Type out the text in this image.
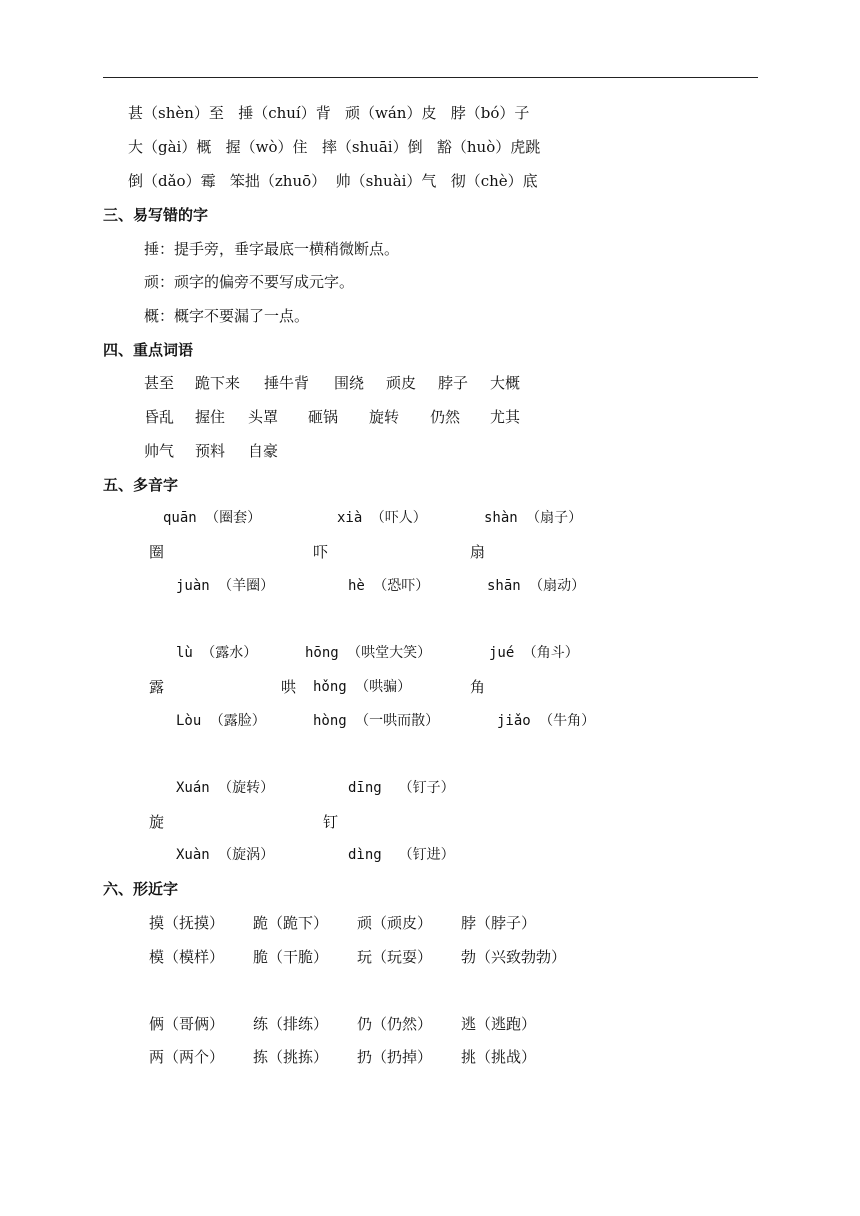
甚（shèn）至   捶（chuí）背   顽（wán）皮   脖（bó）子
大（gài）概   握（wò）住   摔（shuāi）倒   豁（huò）虎跳
倒（dǎo）霉   笨拙（zhuō）  帅（shuài）气   彻（chè）底
三、易写错的字
捶：提手旁，垂字最底一横稍微断点。
顽：顽字的偏旁不要写成元字。
概：概字不要漏了一点。
四、重点词语
甚至 跪下来 捶牛背 围绕 顽皮 脖子 大概
昏乱 握住 头罩 砸锅 旋转 仍然 尤其
帅气 预料 自豪
五、多音字
quān （圈套）	xià （吓人）	shàn （扇子）
圈	吓	扇
juàn （羊圈）	hè （恐吓）	shān （扇动）
lù （露水）	hōng （哄堂大笑）	jué （角斗）
露	哄 hǒng （哄骗）	角
Lòu （露脸）	hòng （一哄而散）	jiǎo （牛角）
Xuán （旋转）	dīng  （钉子）
旋	钉
Xuàn （旋涡）	dìng  （钉进）
六、形近字
摸（抚摸） 跪（跪下） 顽（顽皮） 脖（脖子）
模（模样） 脆（干脆） 玩（玩耍） 勃（兴致勃勃）
俩（哥俩） 练（排练） 仍（仍然） 逃（逃跑）
两（两个） 拣（挑拣） 扔（扔掉） 挑（挑战）
